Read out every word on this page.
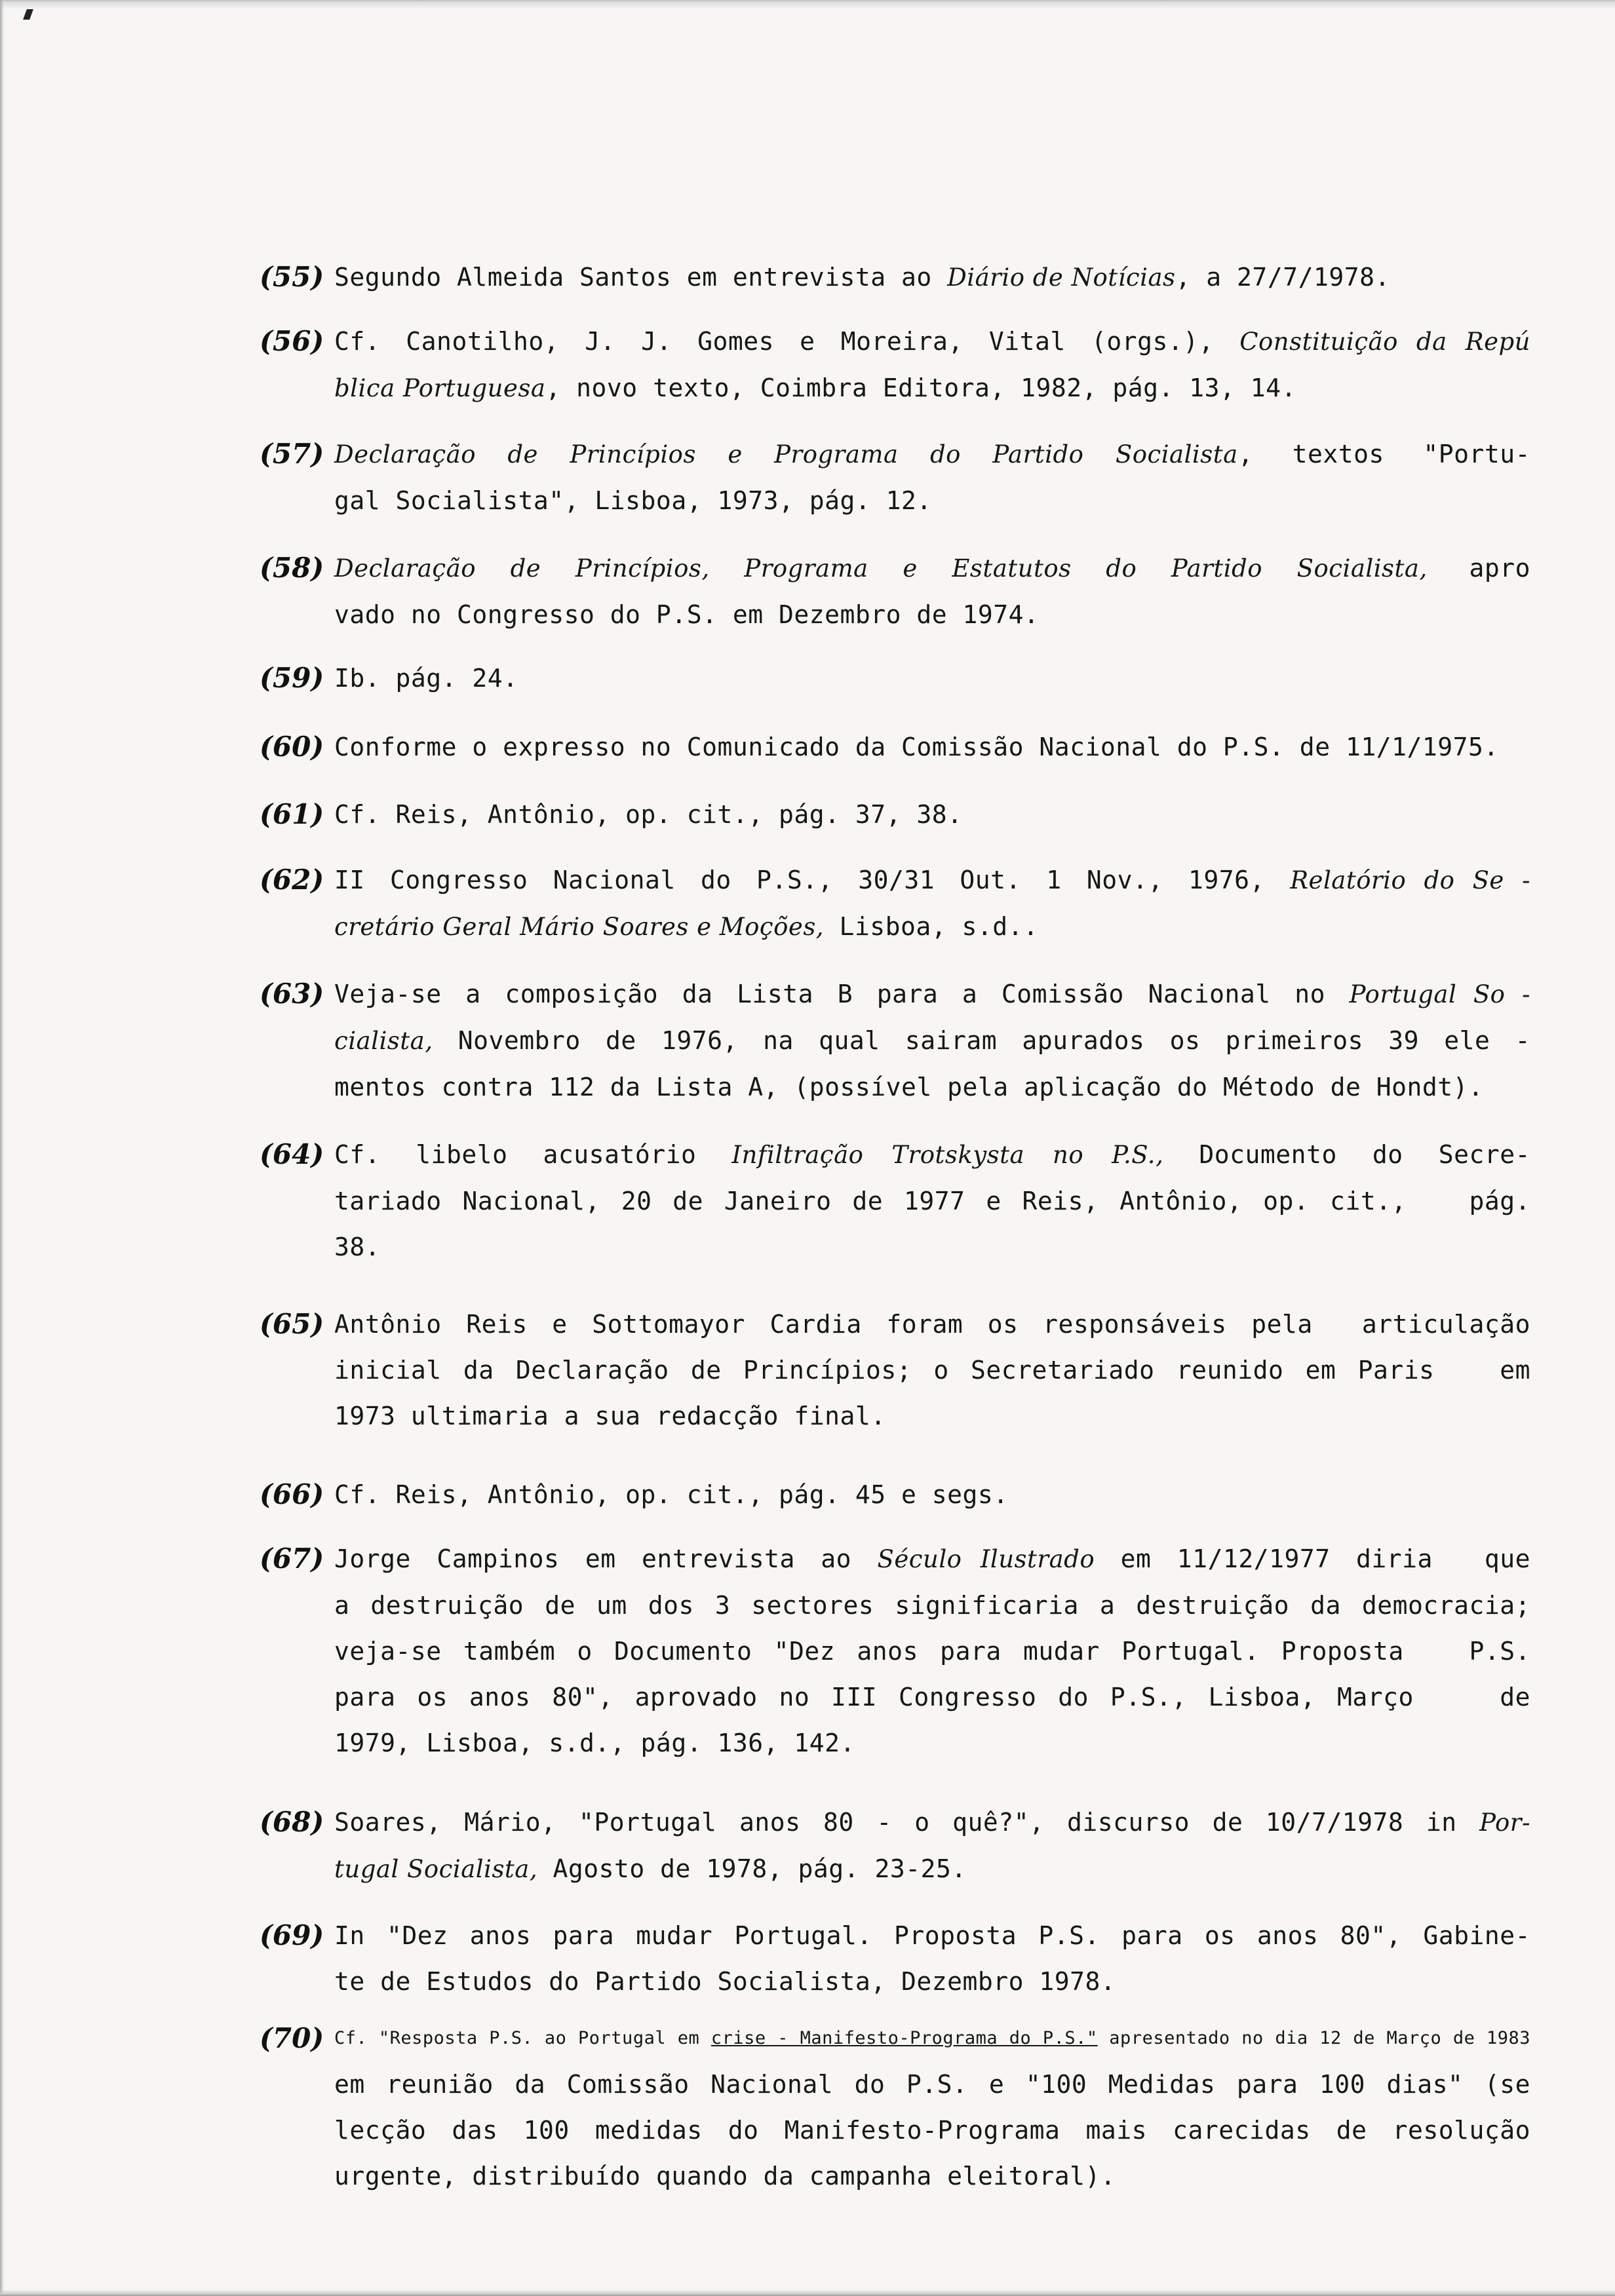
(55) Segundo Almeida Santos em entrevista ao Diário de Notícias, a 27/7/1978.
(56) Cf. Canotilho, J. J. Gomes e Moreira, Vital (orgs.), Constituição da Repú
blica Portuguesa, novo texto, Coimbra Editora, 1982, pág. 13, 14.
(57) Declaração de Princípios e Programa do Partido Socialista, textos "Portu-
gal Socialista", Lisboa, 1973, pág. 12.
(58) Declaração de Princípios, Programa e Estatutos do Partido Socialista, apro
vado no Congresso do P.S. em Dezembro de 1974.
(59) Ib. pág. 24.
(60) Conforme o expresso no Comunicado da Comissão Nacional do P.S. de 11/1/1975.
(61) Cf. Reis, Antônio, op. cit., pág. 37, 38.
(62) II Congresso Nacional do P.S., 30/31 Out. 1 Nov., 1976, Relatório do Se -
cretário Geral Mário Soares e Moções, Lisboa, s.d..
(63) Veja-se a composição da Lista B para a Comissão Nacional no Portugal So -
cialista, Novembro de 1976, na qual sairam apurados os primeiros 39 ele -
mentos contra 112 da Lista A, (possível pela aplicação do Método de Hondt).
(64) Cf. libelo acusatório Infiltração Trotskysta no P.S., Documento do Secre-
tariado Nacional, 20 de Janeiro de 1977 e Reis, Antônio, op. cit.,   pág.
38.
(65) Antônio Reis e Sottomayor Cardia foram os responsáveis pela  articulação
inicial da Declaração de Princípios; o Secretariado reunido em Paris   em
1973 ultimaria a sua redacção final.
(66) Cf. Reis, Antônio, op. cit., pág. 45 e segs.
(67) Jorge Campinos em entrevista ao Século Ilustrado em 11/12/1977 diria  que
a destruição de um dos 3 sectores significaria a destruição da democracia;
veja-se também o Documento "Dez anos para mudar Portugal. Proposta   P.S.
para os anos 80", aprovado no III Congresso do P.S., Lisboa, Março    de
1979, Lisboa, s.d., pág. 136, 142.
(68) Soares, Mário, "Portugal anos 80 - o quê?", discurso de 10/7/1978 in Por-
tugal Socialista, Agosto de 1978, pág. 23-25.
(69) In "Dez anos para mudar Portugal. Proposta P.S. para os anos 80", Gabine-
te de Estudos do Partido Socialista, Dezembro 1978.
(70) Cf. "Resposta P.S. ao Portugal em crise - Manifesto-Programa do P.S." apresentado no dia 12 de Março de 1983
em reunião da Comissão Nacional do P.S. e "100 Medidas para 100 dias" (se
lecção das 100 medidas do Manifesto-Programa mais carecidas de resolução
urgente, distribuído quando da campanha eleitoral).
